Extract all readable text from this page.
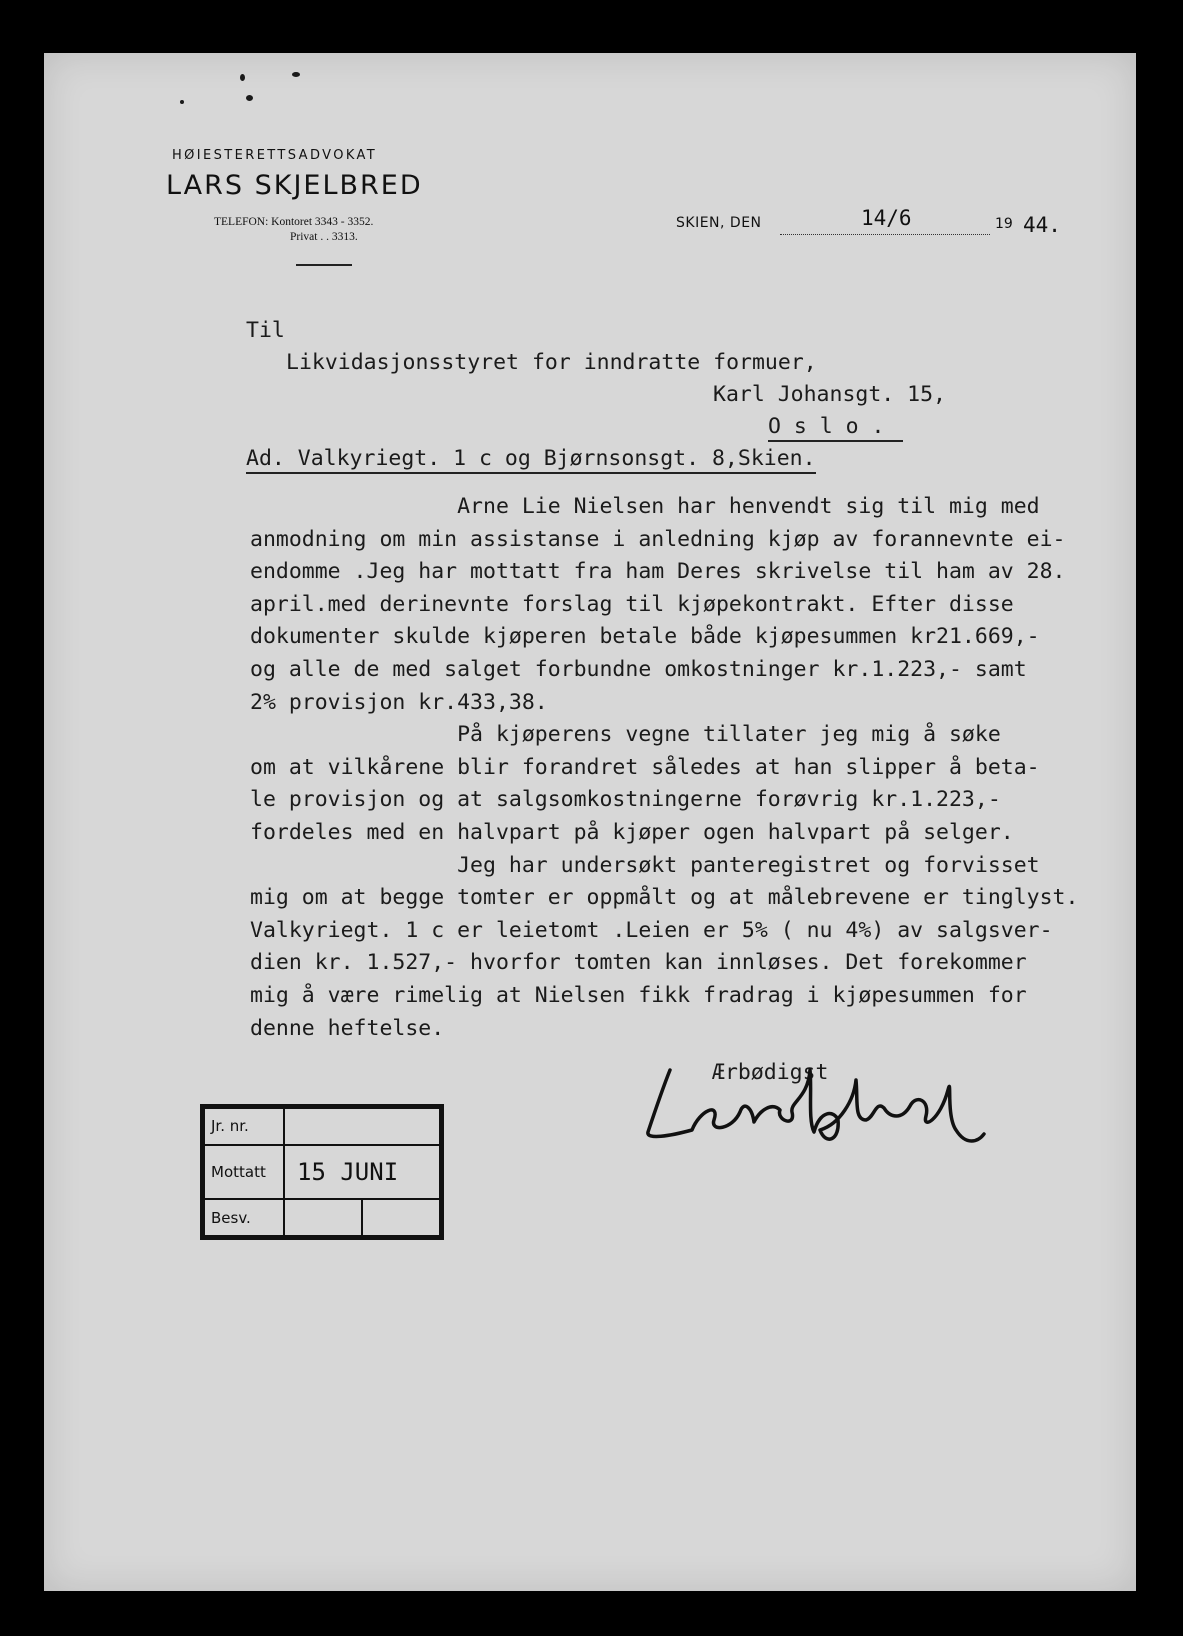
HØIESTERETTSADVOKAT
LARS SKJELBRED
TELEFON: Kontoret 3343 - 3352.
Privat . . 3313.
SKIEN, DEN	14/6	19 44.
Til
Likvidasjonsstyret for inndratte formuer,
Karl Johansgt. 15,
O s l o .
Ad. Valkyriegt. 1 c og Bjørnsonsgt. 8,Skien.
Arne Lie Nielsen har henvendt sig til mig med
anmodning om min assistanse i anledning kjøp av forannevnte ei-
endomme .Jeg har mottatt fra ham Deres skrivelse til ham av 28.
april.med derinevnte forslag til kjøpekontrakt. Efter disse
dokumenter skulde kjøperen betale både kjøpesummen kr21.669,-
og alle de med salget forbundne omkostninger kr.1.223,- samt
2% provisjon kr.433,38.
På kjøperens vegne tillater jeg mig å søke
om at vilkårene blir forandret således at han slipper å beta-
le provisjon og at salgsomkostningerne forøvrig kr.1.223,-
fordeles med en halvpart på kjøper ogen halvpart på selger.
Jeg har undersøkt panteregistret og forvisset
mig om at begge tomter er oppmålt og at målebrevene er tinglyst.
Valkyriegt. 1 c er leietomt .Leien er 5% ( nu 4%) av salgsver-
dien kr. 1.527,- hvorfor tomten kan innløses. Det forekommer
mig å være rimelig at Nielsen fikk fradrag i kjøpesummen for
denne heftelse.
Ærbødigst
Jr. nr.	
Mottatt	15 JUNI
Besv.	
